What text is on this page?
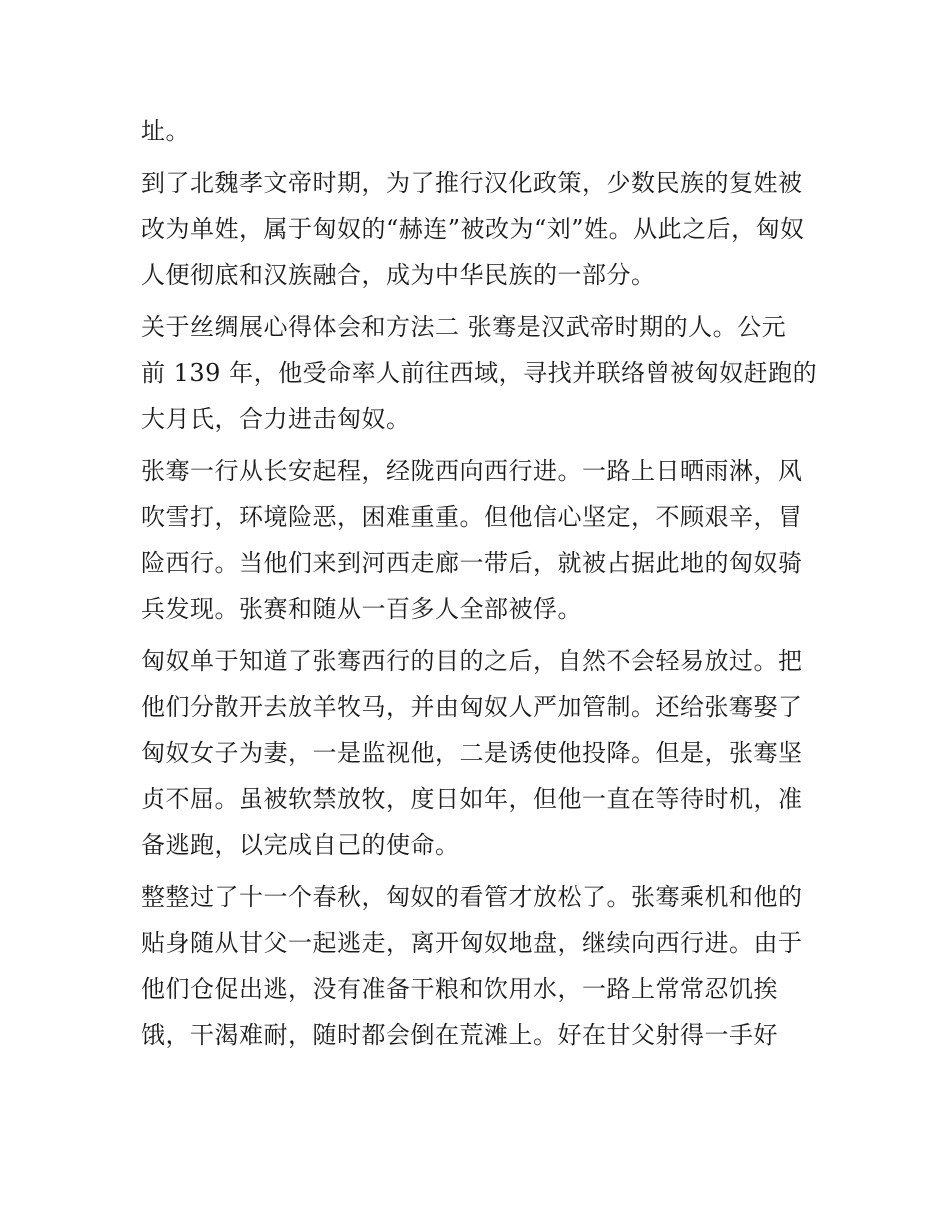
址。
到了北魏孝文帝时期，为了推行汉化政策，少数民族的复姓被
改为单姓，属于匈奴的“赫连”被改为“刘”姓。从此之后，匈奴
人便彻底和汉族融合，成为中华民族的一部分。
关于丝绸展心得体会和方法二 张骞是汉武帝时期的人。公元
前 139 年，他受命率人前往西域，寻找并联络曾被匈奴赶跑的
大月氏，合力进击匈奴。
张骞一行从长安起程，经陇西向西行进。一路上日晒雨淋，风
吹雪打，环境险恶，困难重重。但他信心坚定，不顾艰辛，冒
险西行。当他们来到河西走廊一带后，就被占据此地的匈奴骑
兵发现。张赛和随从一百多人全部被俘。
匈奴单于知道了张骞西行的目的之后，自然不会轻易放过。把
他们分散开去放羊牧马，并由匈奴人严加管制。还给张骞娶了
匈奴女子为妻，一是监视他，二是诱使他投降。但是，张骞坚
贞不屈。虽被软禁放牧，度日如年，但他一直在等待时机，准
备逃跑，以完成自己的使命。
整整过了十一个春秋，匈奴的看管才放松了。张骞乘机和他的
贴身随从甘父一起逃走，离开匈奴地盘，继续向西行进。由于
他们仓促出逃，没有准备干粮和饮用水，一路上常常忍饥挨
饿，干渴难耐，随时都会倒在荒滩上。好在甘父射得一手好
